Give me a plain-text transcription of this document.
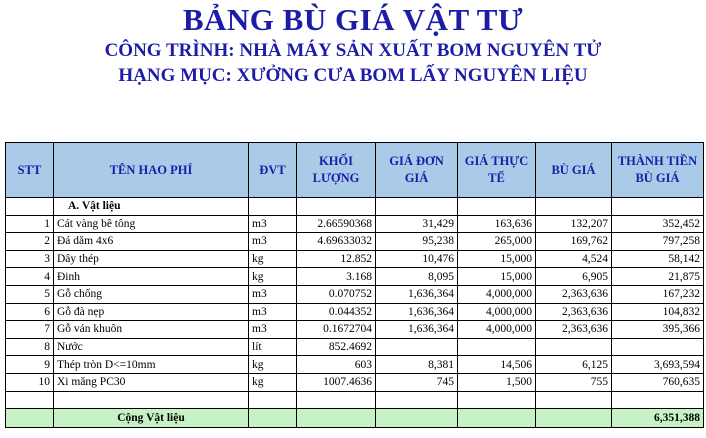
BẢNG BÙ GIÁ VẬT TƯ
CÔNG TRÌNH: NHÀ MÁY SẢN XUẤT BOM NGUYÊN TỬ
HẠNG MỤC: XƯỞNG CƯA BOM LẤY NGUYÊN LIỆU
STT	TÊN HAO PHÍ	ĐVT	KHỐI LƯỢNG	GIÁ ĐƠN GIÁ	GIÁ THỰC TẾ	BÙ GIÁ	THÀNH TIỀN BÙ GIÁ
	A. Vật liệu						
1	Cát vàng bê tông	m3	2.66590368	31,429	163,636	132,207	352,452
2	Đá dăm 4x6	m3	4.69633032	95,238	265,000	169,762	797,258
3	Dây thép	kg	12.852	10,476	15,000	4,524	58,142
4	Đinh	kg	3.168	8,095	15,000	6,905	21,875
5	Gỗ chống	m3	0.070752	1,636,364	4,000,000	2,363,636	167,232
6	Gỗ đà nẹp	m3	0.044352	1,636,364	4,000,000	2,363,636	104,832
7	Gỗ ván khuôn	m3	0.1672704	1,636,364	4,000,000	2,363,636	395,366
8	Nước	lít	852.4692				
9	Thép tròn D<=10mm	kg	603	8,381	14,506	6,125	3,693,594
10	Xi măng PC30	kg	1007.4636	745	1,500	755	760,635

	Cộng Vật liệu						6,351,388
